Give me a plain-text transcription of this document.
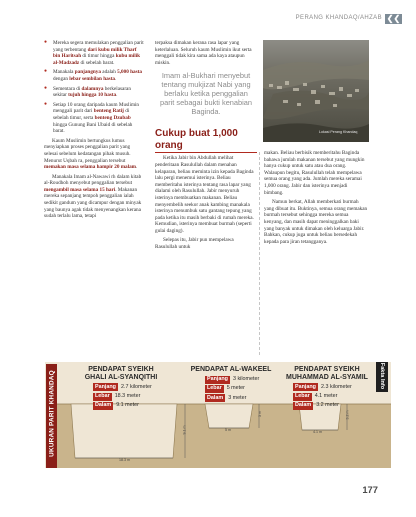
PERANG KHANDAQ/AHZAB ❮❮
● Mereka segera memulakan penggalian parit yang terbentang dari kubu milik Tharf bin Haritsah di timur hingga kubu milik al-Madzadz di sebelah barat.
● Manakala panjangnya adalah 5,000 hasta dengan lebar sembilan hasta.
● Sementara di dalamnya berkelasaran sekitar tujuh hingga 10 hasta.
● Setiap 10 orang daripada kaum Muslimin menggali parit dari benteng Ratij di sebelah timur, serta benteng Dzubab hingga Gunung Bani Ubaid di sebelah barat.

Kaum Muslimin bertungkus lumus menyiapkan proses penggalian parit yang selesai sebelum kedatangan pihak musuh. Menurut Uqbah ra, penggalian tersebut memakan masa selama hampir 20 malam.

Manakala Imam al-Nawawi rh dalam kitab al-Roudhoh menyebut penggalian tersebut mengambil masa selama 15 hari. Makanan mereka sepanjang tempoh penggalian ialah sedikit gandum yang dicampur dengan minyak yang baunya agak tidak menyenangkan kerana sudah terlalu lama, tetapi

terpaksa dimakan kerana rasa lapar yang keterlaluan. Seluruh kaum Muslimin ikut serta menggali tidak kira sama ada kaya ataupun miskin.

Imam al-Bukhari menyebut tentang mukjizat Nabi yang berlaku ketika penggalian parit sebagai bukti kenabian Baginda.

Cukup buat 1,000 orang

Ketika Jabir bin Abdullah melihat penderitaan Rasulullah dalam menahan kelaparan, beliau meminta izin kepada Baginda lalu pergi menemui isterinya. Beliau memberitahu isterinya tentang rasa lapar yang dialami oleh Rasulullah. Jabir menyuruh isterinya membuatkan makanan. Beliau menyembelih seekor anak kambing manakala isterinya menumbuk satu gantang tepung yang pada ketika itu masih berbaki di rumah mereka. Kemudian, isterinya membuat burmah (seperti gulai daging).

Selepas itu, Jabir pun mempelawa Rasulullah untuk

Lokasi Perang Khandaq

makan. Beliau berbisik memberitahu Baginda bahawa jumlah makanan tersebut yang mungkin hanya cukup untuk satu atau dua orang. Walaupun begitu, Rasulullah telah mempelawa semua orang yang ada. Jumlah mereka seramai 1,000 orang. Jabir dan isterinya menjadi bimbang.

Namun berkat, Allah memberkati burmah yang dibuat itu. Buktinya, semua orang memakan burmah tersebut sehingga mereka semua kenyang, dan masih dapat meninggalkan baki yang banyak untuk dimakan oleh keluarga Jabir. Bahkan, cukup juga untuk beliau bersedekah kepada para jiran tetangganya.

UKURAN PARIT KHANDAQ	Fakta Info
PENDAPAT SYEIKH
GHALI AL-SYANQITHI
Panjang 2.7 kilometer
Lebar 18.3 meter
Dalam 9.1 meter
PENDAPAT AL-WAKEEL
Panjang 3 kilometer
Lebar 5 meter
Dalam 3 meter
PENDAPAT SYEIKH
MUHAMMAD AL-SYAMIL
Panjang 2.3 kilometer
Lebar 4.1 meter
Dalam 3.2 meter
18.3 m
9.1 m	5 m
3 m
4.1 m
3.2 m
177
